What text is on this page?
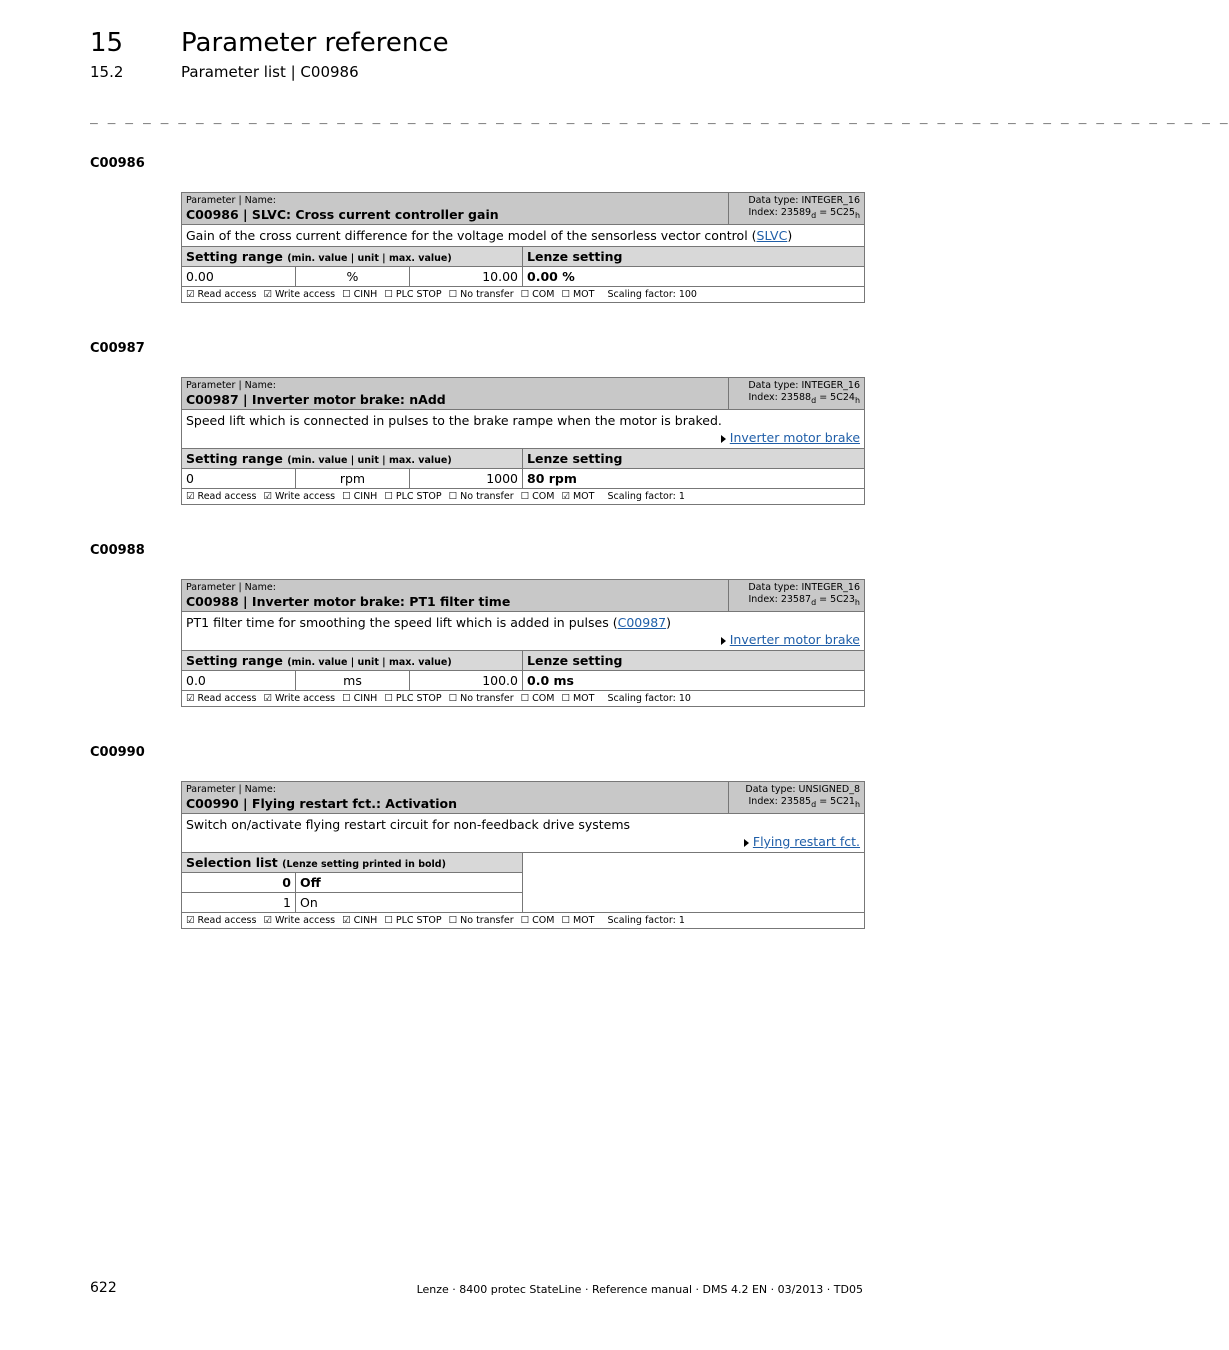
15 Parameter reference
15.2	Parameter list | C00986
_ _ _ _ _ _ _ _ _ _ _ _ _ _ _ _ _ _ _ _ _ _ _ _ _ _ _ _ _ _ _ _ _ _ _ _ _ _ _ _ _ _ _ _ _ _ _ _ _ _ _ _ _ _ _ _ _ _ _ _ _ _ _ _ _
C00986
Parameter | Name:
C00986 | SLVC: Cross current controller gain				Data type: INTEGER_16
Index: $23589_d = 5C25_h$
Gain of the cross current difference for the voltage model of the sensorless vector control (SLVC)				
Setting range (min. value | unit | max. value)			Lenze setting	
0.00	%	10.00	0.00 %	
☑ Read access ☑ Write access ☐ CINH ☐ PLC STOP ☐ No transfer ☐ COM ☐ MOT Scaling factor: 100				
C00987
Parameter | Name:
C00987 | Inverter motor brake: nAdd				Data type: INTEGER_16
Index: $23588_d = 5C24_h$

Speed lift which is connected in pulses to the brake rampe when the motor is braked.
Inverter motor brake				

Setting range (min. value | unit | max. value)			Lenze setting	
0	rpm	1000	80 rpm	
☑ Read access ☑ Write access ☐ CINH ☐ PLC STOP ☐ No transfer ☐ COM ☑ MOT Scaling factor: 1				
C00988
Parameter | Name:
C00988 | Inverter motor brake: PT1 filter time				Data type: INTEGER_16
Index: $23587_d = 5C23_h$

PT1 filter time for smoothing the speed lift which is added in pulses (C00987)
Inverter motor brake				

Setting range (min. value | unit | max. value)			Lenze setting	
0.0	ms	100.0	0.0 ms	
☑ Read access ☑ Write access ☐ CINH ☐ PLC STOP ☐ No transfer ☐ COM ☐ MOT Scaling factor: 10				
C00990
Parameter | Name:
C00990 | Flying restart fct.: Activation			Data type: UNSIGNED_8
Index: $23585_d = 5C21_h$

Switch on/activate flying restart circuit for non-feedback drive systems
Flying restart fct.			

Selection list (Lenze setting printed in bold)			
0	Off		
1	On		
☑ Read access ☑ Write access ☑ CINH ☐ PLC STOP ☐ No transfer ☐ COM ☐ MOT Scaling factor: 1			
622	Lenze · 8400 protec StateLine · Reference manual · DMS 4.2 EN · 03/2013 · TD05
